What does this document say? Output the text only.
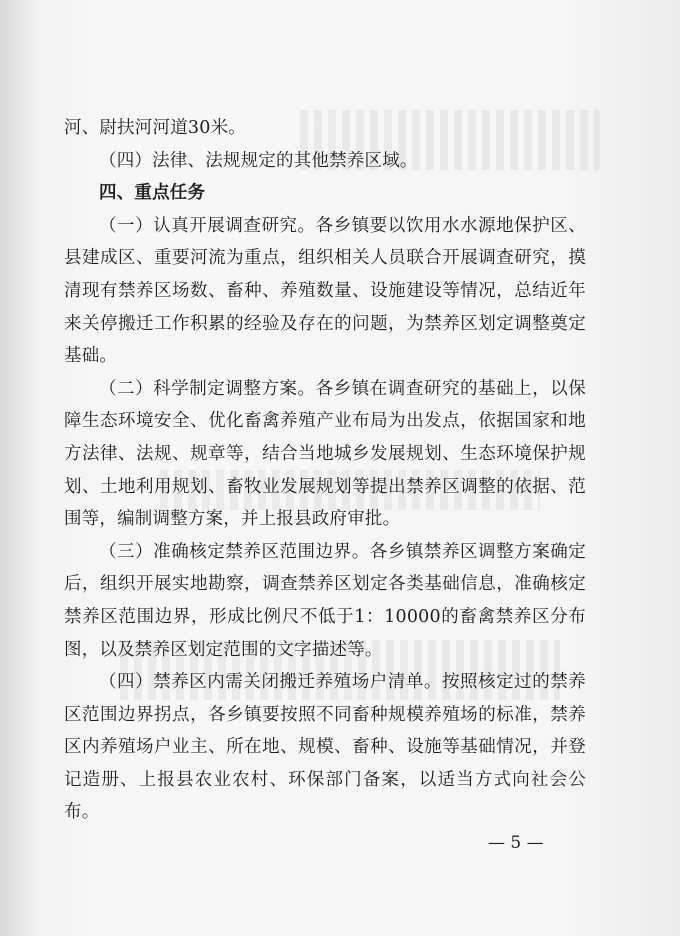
河、尉扶河河道30米。

（四）法律、法规规定的其他禁养区域。

四、重点任务

（一）认真开展调查研究。各乡镇要以饮用水水源地保护区、县建成区、重要河流为重点，组织相关人员联合开展调查研究，摸清现有禁养区场数、畜种、养殖数量、设施建设等情况，总结近年来关停搬迁工作积累的经验及存在的问题，为禁养区划定调整奠定基础。

（二）科学制定调整方案。各乡镇在调查研究的基础上，以保障生态环境安全、优化畜禽养殖产业布局为出发点，依据国家和地方法律、法规、规章等，结合当地城乡发展规划、生态环境保护规划、土地利用规划、畜牧业发展规划等提出禁养区调整的依据、范围等，编制调整方案，并上报县政府审批。

（三）准确核定禁养区范围边界。各乡镇禁养区调整方案确定后，组织开展实地勘察，调查禁养区划定各类基础信息，准确核定禁养区范围边界，形成比例尺不低于1：10000的畜禽禁养区分布图，以及禁养区划定范围的文字描述等。

（四）禁养区内需关闭搬迁养殖场户清单。按照核定过的禁养区范围边界拐点，各乡镇要按照不同畜种规模养殖场的标准，禁养区内养殖场户业主、所在地、规模、畜种、设施等基础情况，并登记造册、上报县农业农村、环保部门备案，以适当方式向社会公布。

— 5 —
